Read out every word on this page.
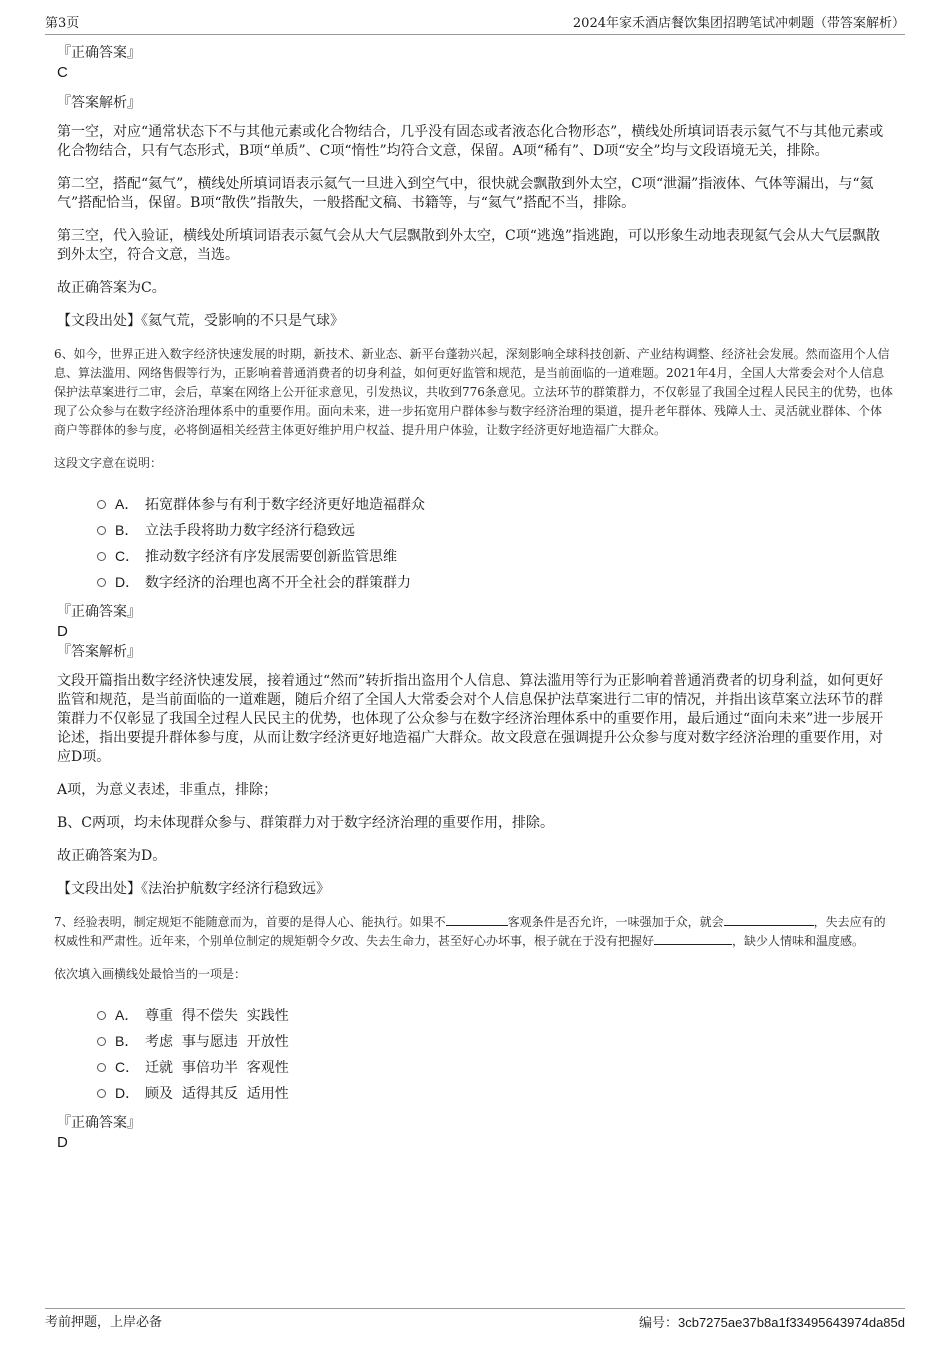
第3页	2024年家禾酒店餐饮集团招聘笔试冲刺题（带答案解析）
『正确答案』
C
『答案解析』

第一空，对应“通常状态下不与其他元素或化合物结合，几乎没有固态或者液态化合物形态”，横线处所填词语表示氦气不与其他元素或化合物结合，只有气态形式，B项“单质”、C项“惰性”均符合文意，保留。A项“稀有”、D项“安全”均与文段语境无关，排除。

第二空，搭配“氦气”，横线处所填词语表示氦气一旦进入到空气中，很快就会飘散到外太空，C项“泄漏”指液体、气体等漏出，与“氦气”搭配恰当，保留。B项“散佚”指散失，一般搭配文稿、书籍等，与“氦气”搭配不当，排除。

第三空，代入验证，横线处所填词语表示氦气会从大气层飘散到外太空，C项“逃逸”指逃跑，可以形象生动地表现氦气会从大气层飘散到外太空，符合文意，当选。

故正确答案为C。

【文段出处】《氦气荒，受影响的不只是气球》

6、如今，世界正进入数字经济快速发展的时期，新技术、新业态、新平台蓬勃兴起，深刻影响全球科技创新、产业结构调整、经济社会发展。然而盗用个人信息、算法滥用、网络售假等行为，正影响着普通消费者的切身利益，如何更好监管和规范，是当前面临的一道难题。2021年4月，全国人大常委会对个人信息保护法草案进行二审，会后，草案在网络上公开征求意见，引发热议，共收到776条意见。立法环节的群策群力，不仅彰显了我国全过程人民民主的优势，也体现了公众参与在数字经济治理体系中的重要作用。面向未来，进一步拓宽用户群体参与数字经济治理的渠道，提升老年群体、残障人士、灵活就业群体、个体商户等群体的参与度，必将倒逼相关经营主体更好维护用户权益、提升用户体验，让数字经济更好地造福广大群众。

这段文字意在说明：

A． 拓宽群体参与有利于数字经济更好地造福群众
B． 立法手段将助力数字经济行稳致远
C． 推动数字经济有序发展需要创新监管思维
D． 数字经济的治理也离不开全社会的群策群力
『正确答案』
D
『答案解析』

文段开篇指出数字经济快速发展，接着通过“然而”转折指出盗用个人信息、算法滥用等行为正影响着普通消费者的切身利益，如何更好监管和规范，是当前面临的一道难题，随后介绍了全国人大常委会对个人信息保护法草案进行二审的情况，并指出该草案立法环节的群策群力不仅彰显了我国全过程人民民主的优势，也体现了公众参与在数字经济治理体系中的重要作用，最后通过“面向未来”进一步展开论述，指出要提升群体参与度，从而让数字经济更好地造福广大群众。故文段意在强调提升公众参与度对数字经济治理的重要作用，对应D项。

A项，为意义表述，非重点，排除；

B、C两项，均未体现群众参与、群策群力对于数字经济治理的重要作用，排除。

故正确答案为D。

【文段出处】《法治护航数字经济行稳致远》

7、经验表明，制定规矩不能随意而为，首要的是得人心、能执行。如果不	客观条件是否允许，一味强加于众，就会	，失去应有的权威性和严肃性。近年来，个别单位制定的规矩朝令夕改、失去生命力，甚至好心办坏事，根子就在于没有把握好	，缺少人情味和温度感。

依次填入画横线处最恰当的一项是：

A． 尊重  得不偿失  实践性
B． 考虑  事与愿违  开放性
C． 迁就  事倍功半  客观性
D． 顾及  适得其反  适用性
『正确答案』
D
考前押题，上岸必备	编号：3cb7275ae37b8a1f33495643974da85d
